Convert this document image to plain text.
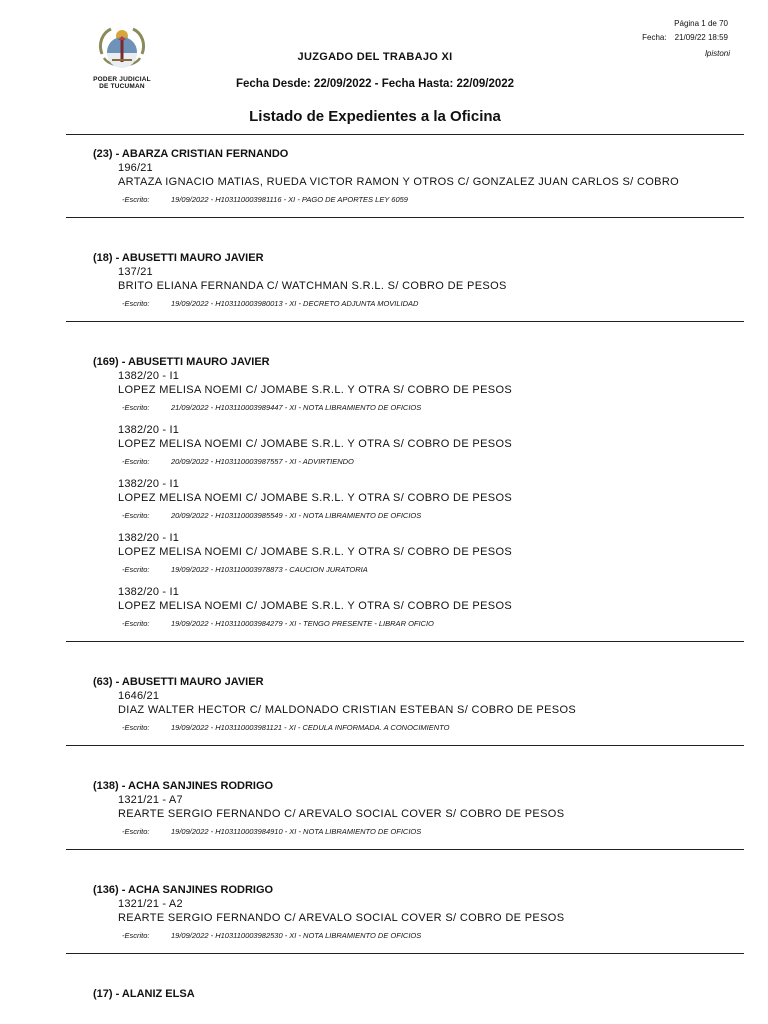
Página 1 de 70
Fecha: 21/09/22 18:59
lpistoni
PODER JUDICIAL
DE TUCUMAN
JUZGADO DEL TRABAJO XI
Fecha Desde: 22/09/2022 - Fecha Hasta: 22/09/2022
Listado de Expedientes a la Oficina
(23) - ABARZA CRISTIAN FERNANDO
196/21
ARTAZA IGNACIO MATIAS, RUEDA VICTOR RAMON Y OTROS C/ GONZALEZ JUAN CARLOS S/ COBRO
-Escrito:	19/09/2022 - H103110003981116 - XI - PAGO DE APORTES LEY 6059
(18) - ABUSETTI MAURO JAVIER
137/21
BRITO ELIANA FERNANDA C/ WATCHMAN S.R.L. S/ COBRO DE PESOS
-Escrito:	19/09/2022 - H103110003980013 - XI - DECRETO ADJUNTA MOVILIDAD
(169) - ABUSETTI MAURO JAVIER
1382/20 - I1
LOPEZ MELISA NOEMI C/ JOMABE S.R.L. Y OTRA S/ COBRO DE PESOS
-Escrito:	21/09/2022 - H103110003989447 - XI - NOTA LIBRAMIENTO DE OFICIOS
1382/20 - I1
LOPEZ MELISA NOEMI C/ JOMABE S.R.L. Y OTRA S/ COBRO DE PESOS
-Escrito:	20/09/2022 - H103110003987557 - XI - ADVIRTIENDO
1382/20 - I1
LOPEZ MELISA NOEMI C/ JOMABE S.R.L. Y OTRA S/ COBRO DE PESOS
-Escrito:	20/09/2022 - H103110003985549 - XI - NOTA LIBRAMIENTO DE OFICIOS
1382/20 - I1
LOPEZ MELISA NOEMI C/ JOMABE S.R.L. Y OTRA S/ COBRO DE PESOS
-Escrito:	19/09/2022 - H103110003978873 - CAUCION JURATORIA
1382/20 - I1
LOPEZ MELISA NOEMI C/ JOMABE S.R.L. Y OTRA S/ COBRO DE PESOS
-Escrito:	19/09/2022 - H103110003984279 - XI - TENGO PRESENTE - LIBRAR OFICIO
(63) - ABUSETTI MAURO JAVIER
1646/21
DIAZ WALTER HECTOR C/ MALDONADO CRISTIAN ESTEBAN S/ COBRO DE PESOS
-Escrito:	19/09/2022 - H103110003981121 - XI - CEDULA INFORMADA. A CONOCIMIENTO
(138) - ACHA SANJINES RODRIGO
1321/21 - A7
REARTE SERGIO FERNANDO C/ AREVALO SOCIAL COVER S/ COBRO DE PESOS
-Escrito:	19/09/2022 - H103110003984910 - XI - NOTA LIBRAMIENTO DE OFICIOS
(136) - ACHA SANJINES RODRIGO
1321/21 - A2
REARTE SERGIO FERNANDO C/ AREVALO SOCIAL COVER S/ COBRO DE PESOS
-Escrito:	19/09/2022 - H103110003982530 - XI - NOTA LIBRAMIENTO DE OFICIOS
(17) - ALANIZ ELSA
